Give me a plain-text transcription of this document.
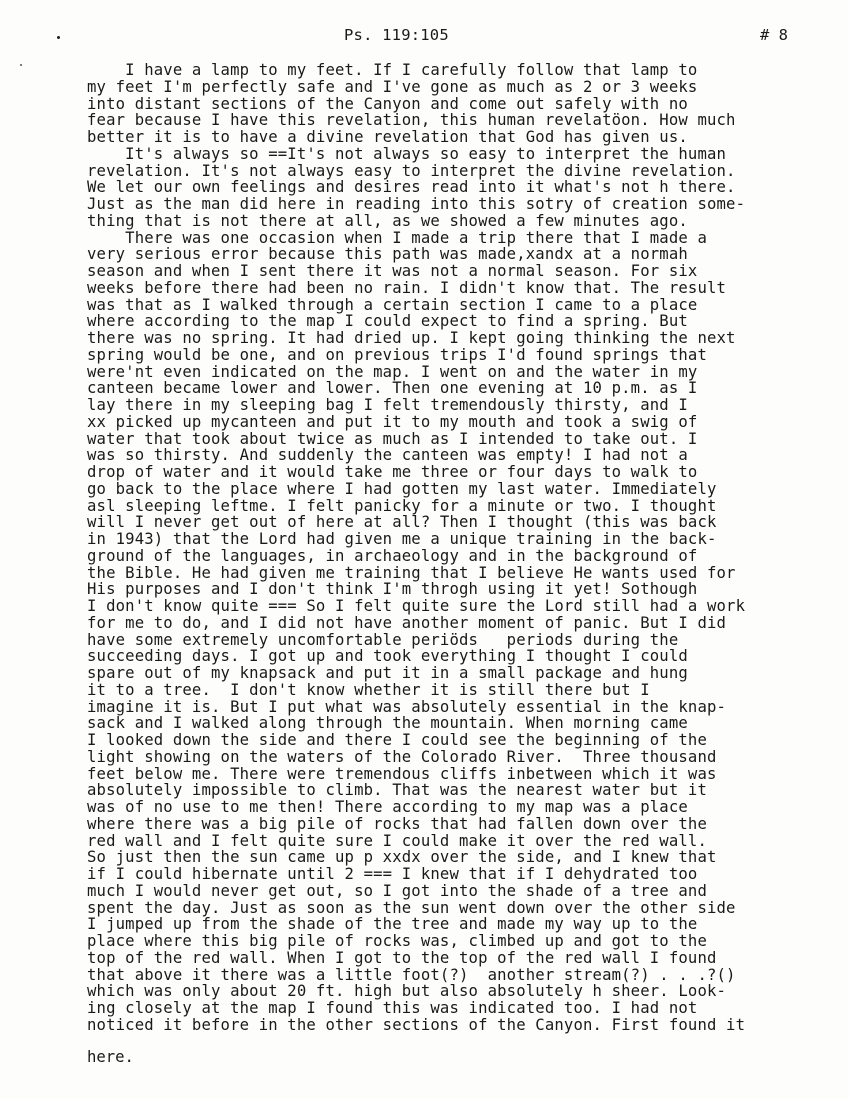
Ps. 119:105	# 8
I have a lamp to my feet. If I carefully follow that lamp to
my feet I'm perfectly safe and I've gone as much as 2 or 3 weeks
into distant sections of the Canyon and come out safely with no
fear because I have this revelation, this human revelatöon. How much
better it is to have a divine revelation that God has given us.
It's always so ==It's not always so easy to interpret the human
revelation. It's not always easy to interpret the divine revelation.
We let our own feelings and desires read into it what's not h there.
Just as the man did here in reading into this sotry of creation some-
thing that is not there at all, as we showed a few minutes ago.
There was one occasion when I made a trip there that I made a
very serious error because this path was made,xandx at a normah
season and when I sent there it was not a normal season. For six
weeks before there had been no rain. I didn't know that. The result
was that as I walked through a certain section I came to a place
where according to the map I could expect to find a spring. But
there was no spring. It had dried up. I kept going thinking the next
spring would be one, and on previous trips I'd found springs that
were'nt even indicated on the map. I went on and the water in my
canteen became lower and lower. Then one evening at 10 p.m. as I
lay there in my sleeping bag I felt tremendously thirsty, and I
xx picked up mycanteen and put it to my mouth and took a swig of
water that took about twice as much as I intended to take out. I
was so thirsty. And suddenly the canteen was empty! I had not a
drop of water and it would take me three or four days to walk to
go back to the place where I had gotten my last water. Immediately
asl sleeping leftme. I felt panicky for a minute or two. I thought
will I never get out of here at all? Then I thought (this was back
in 1943) that the Lord had given me a unique training in the back-
ground of the languages, in archaeology and in the background of
the Bible. He had given me training that I believe He wants used for
His purposes and I don't think I'm throgh using it yet! Sothough
I don't know quite === So I felt quite sure the Lord still had a work
for me to do, and I did not have another moment of panic. But I did
have some extremely uncomfortable periöds   periods during the
succeeding days. I got up and took everything I thought I could
spare out of my knapsack and put it in a small package and hung
it to a tree.  I don't know whether it is still there but I
imagine it is. But I put what was absolutely essential in the knap-
sack and I walked along through the mountain. When morning came
I looked down the side and there I could see the beginning of the
light showing on the waters of the Colorado River.  Three thousand
feet below me. There were tremendous cliffs inbetween which it was
absolutely impossible to climb. That was the nearest water but it
was of no use to me then! There according to my map was a place
where there was a big pile of rocks that had fallen down over the
red wall and I felt quite sure I could make it over the red wall.
So just then the sun came up p xxdx over the side, and I knew that
if I could hibernate until 2 === I knew that if I dehydrated too
much I would never get out, so I got into the shade of a tree and
spent the day. Just as soon as the sun went down over the other side
I jumped up from the shade of the tree and made my way up to the
place where this big pile of rocks was, climbed up and got to the
top of the red wall. When I got to the top of the red wall I found
that above it there was a little foot(?)  another stream(?) . . .?()
which was only about 20 ft. high but also absolutely h sheer. Look-
ing closely at the map I found this was indicated too. I had not
noticed it before in the other sections of the Canyon. First found it
here.
